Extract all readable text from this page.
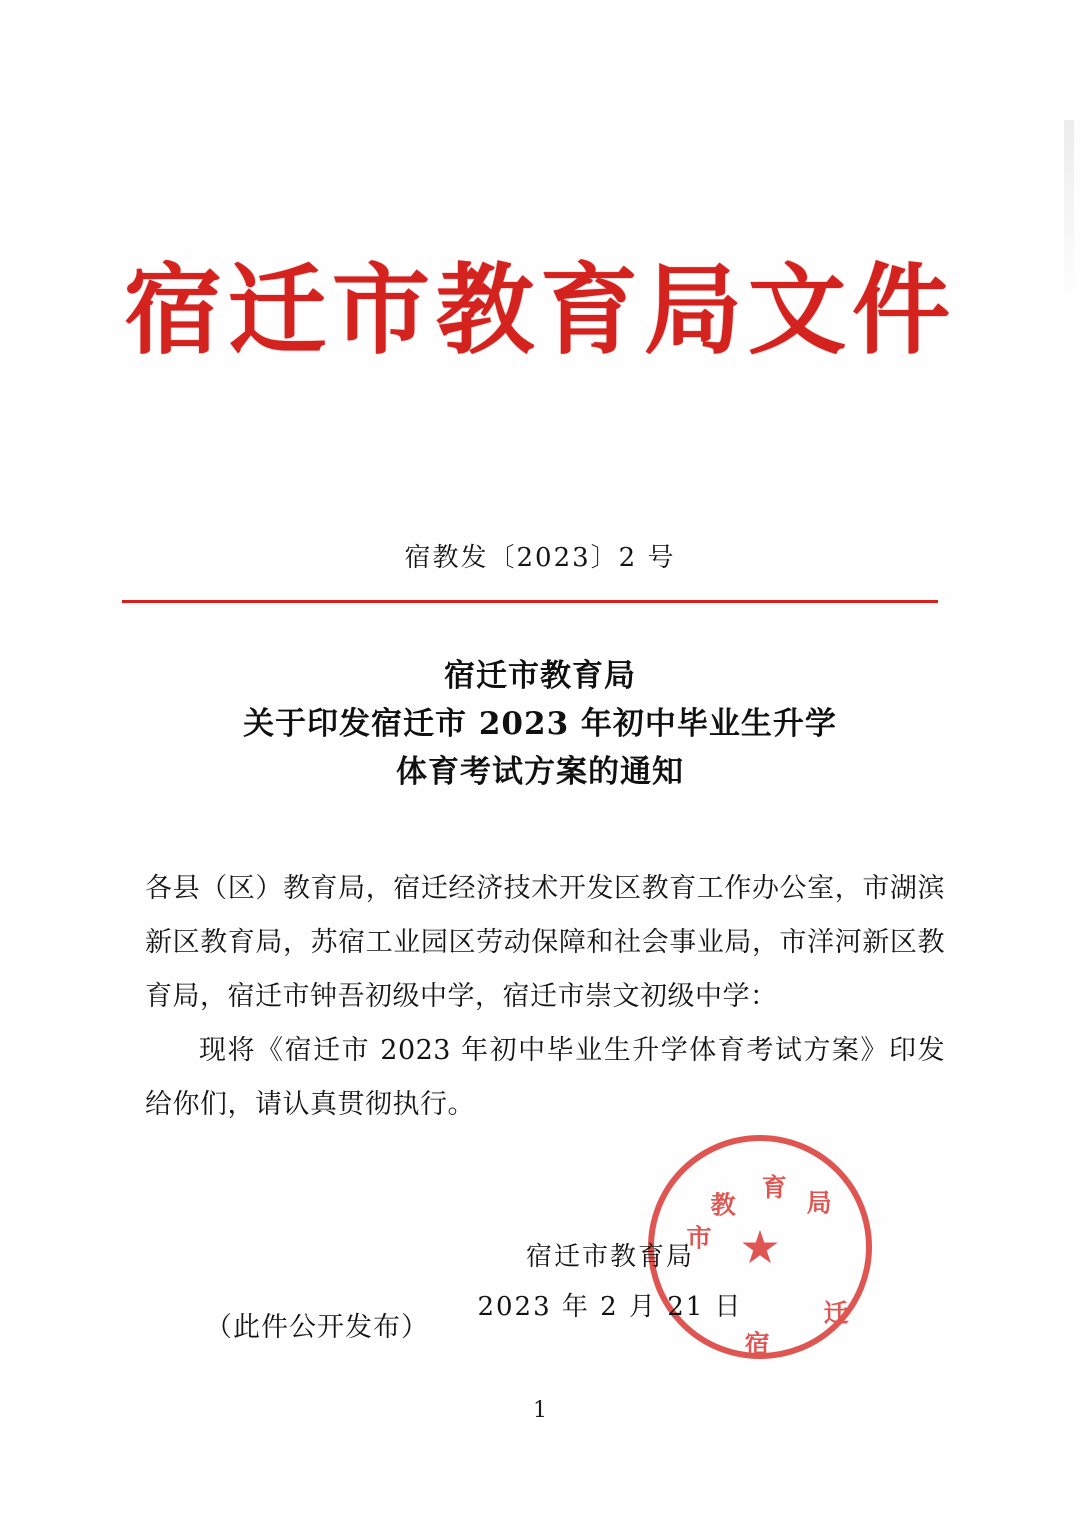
宿迁市教育局文件
宿教发〔2023〕2 号
宿迁市教育局
关于印发宿迁市 2023 年初中毕业生升学
体育考试方案的通知

各县（区）教育局，宿迁经济技术开发区教育工作办公室，市湖滨新区教育局，苏宿工业园区劳动保障和社会事业局，市洋河新区教育局，宿迁市钟吾初级中学，宿迁市崇文初级中学：

现将《宿迁市 2023 年初中毕业生升学体育考试方案》印发给你们，请认真贯彻执行。

★
市
教
育
局
迁
宿
宿迁市教育局
2023 年 2 月 21 日
（此件公开发布）
1
